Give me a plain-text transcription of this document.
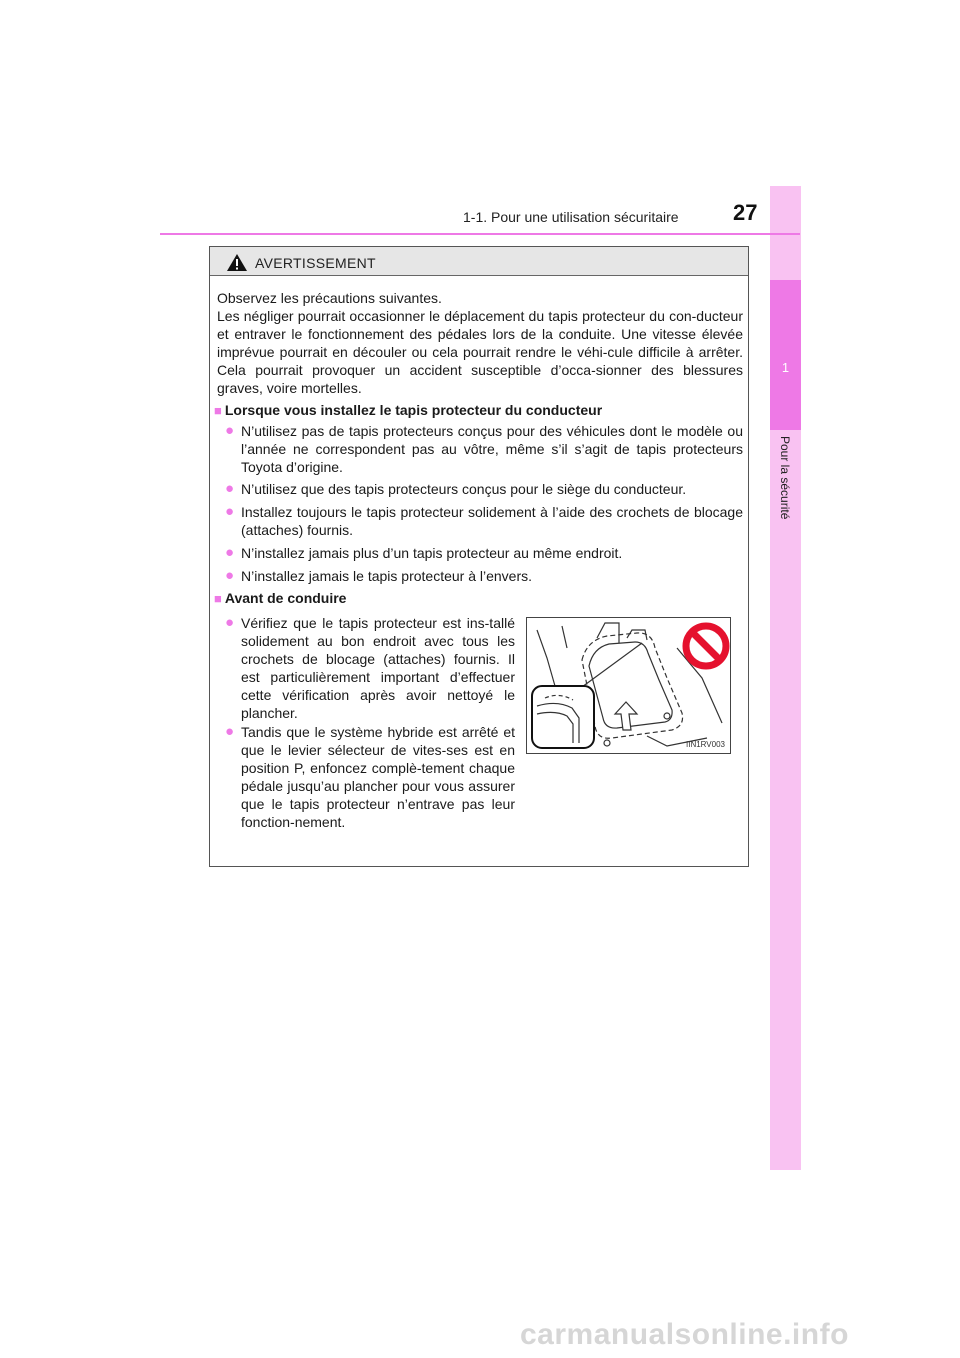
1
Pour la sécurité
1-1. Pour une utilisation sécuritaire 27
AVERTISSEMENT

Observez les précautions suivantes.
Les négliger pourrait occasionner le déplacement du tapis protecteur du con-ducteur et entraver le fonctionnement des pédales lors de la conduite. Une vitesse élevée imprévue pourrait en découler ou cela pourrait rendre le véhi-cule difficile à arrêter. Cela pourrait provoquer un accident susceptible d’occa-sionner des blessures graves, voire mortelles.

■ Lorsque vous installez le tapis protecteur du conducteur

● N’utilisez pas de tapis protecteurs conçus pour des véhicules dont le modèle ou l’année ne correspondent pas au vôtre, même s’il s’agit de tapis protecteurs Toyota d’origine.

● N’utilisez que des tapis protecteurs conçus pour le siège du conducteur.

● Installez toujours le tapis protecteur solidement à l’aide des crochets de blocage (attaches) fournis.

● N’installez jamais plus d’un tapis protecteur au même endroit.

● N’installez jamais le tapis protecteur à l’envers.

■ Avant de conduire

● Vérifiez que le tapis protecteur est ins-tallé solidement au bon endroit avec tous les crochets de blocage (attaches) fournis. Il est particulièrement important d’effectuer cette vérification après avoir nettoyé le plancher.

● Tandis que le système hybride est arrêté et que le levier sélecteur de vites-ses est en position P, enfoncez complè-tement chaque pédale jusqu’au plancher pour vous assurer que le tapis protecteur n’entrave pas leur fonction-nement.

IIN1RV003
carmanualsonline.info
